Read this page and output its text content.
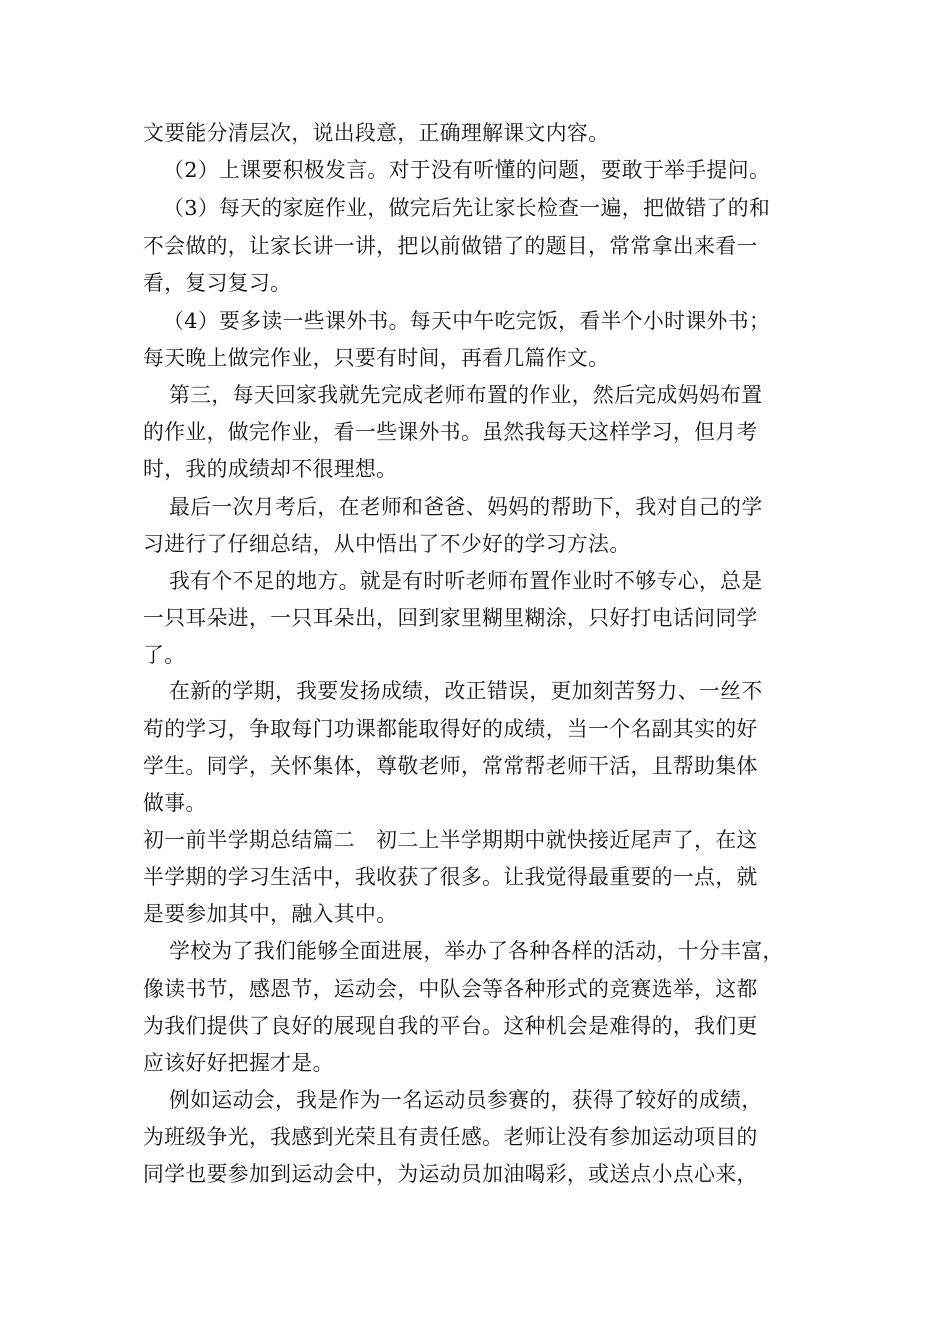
文要能分清层次，说出段意，正确理解课文内容。

（2）上课要积极发言。对于没有听懂的问题，要敢于举手提问。

（3）每天的家庭作业，做完后先让家长检查一遍，把做错了的和

不会做的，让家长讲一讲，把以前做错了的题目，常常拿出来看一

看，复习复习。

（4）要多读一些课外书。每天中午吃完饭，看半个小时课外书；

每天晚上做完作业，只要有时间，再看几篇作文。

第三，每天回家我就先完成老师布置的作业，然后完成妈妈布置

的作业，做完作业，看一些课外书。虽然我每天这样学习，但月考

时，我的成绩却不很理想。

最后一次月考后，在老师和爸爸、妈妈的帮助下，我对自己的学

习进行了仔细总结，从中悟出了不少好的学习方法。

我有个不足的地方。就是有时听老师布置作业时不够专心，总是

一只耳朵进，一只耳朵出，回到家里糊里糊涂，只好打电话问同学

了。

在新的学期，我要发扬成绩，改正错误，更加刻苦努力、一丝不

苟的学习，争取每门功课都能取得好的成绩，当一个名副其实的好

学生。同学，关怀集体，尊敬老师，常常帮老师干活，且帮助集体

做事。

初一前半学期总结篇二　初二上半学期期中就快接近尾声了，在这

半学期的学习生活中，我收获了很多。让我觉得最重要的一点，就

是要参加其中，融入其中。

学校为了我们能够全面进展，举办了各种各样的活动，十分丰富，

像读书节，感恩节，运动会，中队会等各种形式的竞赛选举，这都

为我们提供了良好的展现自我的平台。这种机会是难得的，我们更

应该好好把握才是。

例如运动会，我是作为一名运动员参赛的，获得了较好的成绩，

为班级争光，我感到光荣且有责任感。老师让没有参加运动项目的

同学也要参加到运动会中，为运动员加油喝彩，或送点小点心来，
